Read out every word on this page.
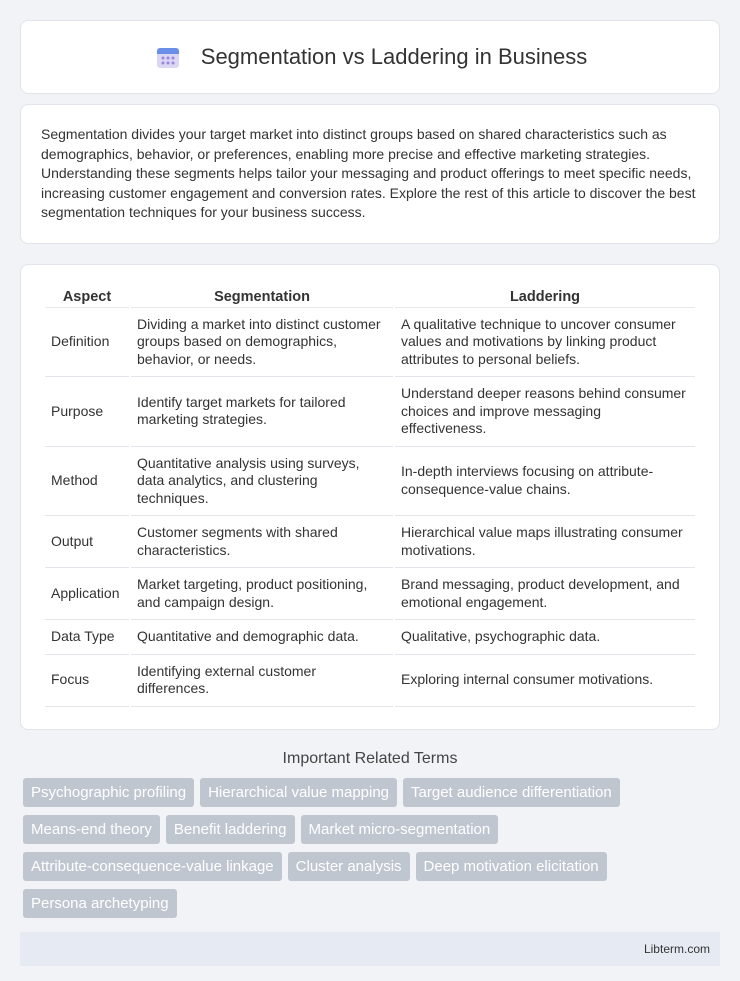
Segmentation vs Laddering in Business

Segmentation divides your target market into distinct groups based on shared characteristics such as demographics, behavior, or preferences, enabling more precise and effective marketing strategies. Understanding these segments helps tailor your messaging and product offerings to meet specific needs, increasing customer engagement and conversion rates. Explore the rest of this article to discover the best segmentation techniques for your business success.

Aspect	Segmentation	Laddering
Definition	Dividing a market into distinct customer groups based on demographics, behavior, or needs.	A qualitative technique to uncover consumer values and motivations by linking product attributes to personal beliefs.
Purpose	Identify target markets for tailored marketing strategies.	Understand deeper reasons behind consumer choices and improve messaging effectiveness.
Method	Quantitative analysis using surveys, data analytics, and clustering techniques.	In-depth interviews focusing on attribute-consequence-value chains.
Output	Customer segments with shared characteristics.	Hierarchical value maps illustrating consumer motivations.
Application	Market targeting, product positioning, and campaign design.	Brand messaging, product development, and emotional engagement.
Data Type	Quantitative and demographic data.	Qualitative, psychographic data.
Focus	Identifying external customer differences.	Exploring internal consumer motivations.
Important Related Terms
Psychographic profiling	Hierarchical value mapping	Target audience differentiation
Means-end theory	Benefit laddering	Market micro-segmentation
Attribute-consequence-value linkage	Cluster analysis	Deep motivation elicitation
Persona archetyping
Libterm.com
